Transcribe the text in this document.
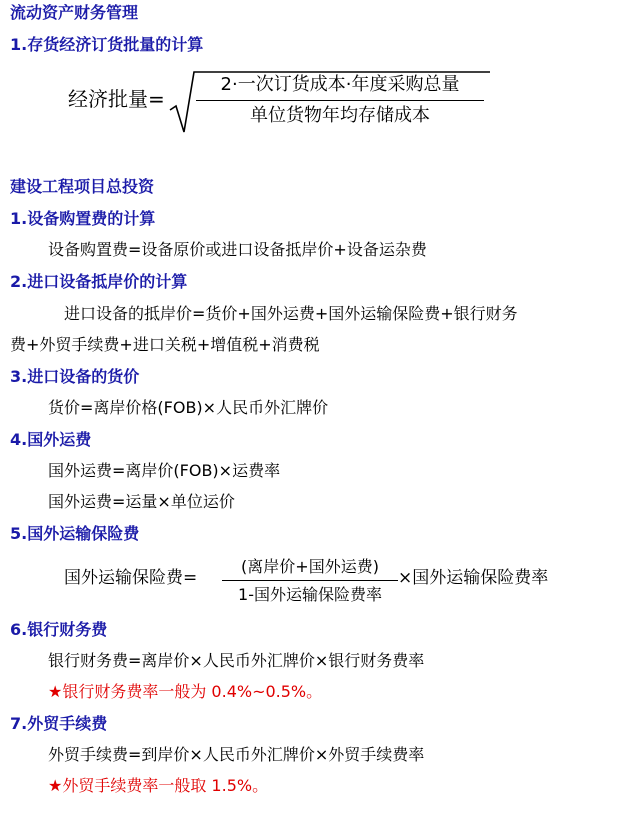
流动资产财务管理
1.存货经济订货批量的计算
经济批量=
2·一次订货成本·年度采购总量
单位货物年均存储成本
建设工程项目总投资
1.设备购置费的计算
设备购置费=设备原价或进口设备抵岸价+设备运杂费
2.进口设备抵岸价的计算
进口设备的抵岸价=货价+国外运费+国外运输保险费+银行财务
费+外贸手续费+进口关税+增值税+消费税
3.进口设备的货价
货价=离岸价格(FOB)×人民币外汇牌价
4.国外运费
国外运费=离岸价(FOB)×运费率
国外运费=运量×单位运价
5.国外运输保险费
国外运输保险费=
(离岸价+国外运费)
1-国外运输保险费率
×国外运输保险费率
6.银行财务费
银行财务费=离岸价×人民币外汇牌价×银行财务费率
★银行财务费率一般为 0.4%~0.5%。
7.外贸手续费
外贸手续费=到岸价×人民币外汇牌价×外贸手续费率
★外贸手续费率一般取 1.5%。
